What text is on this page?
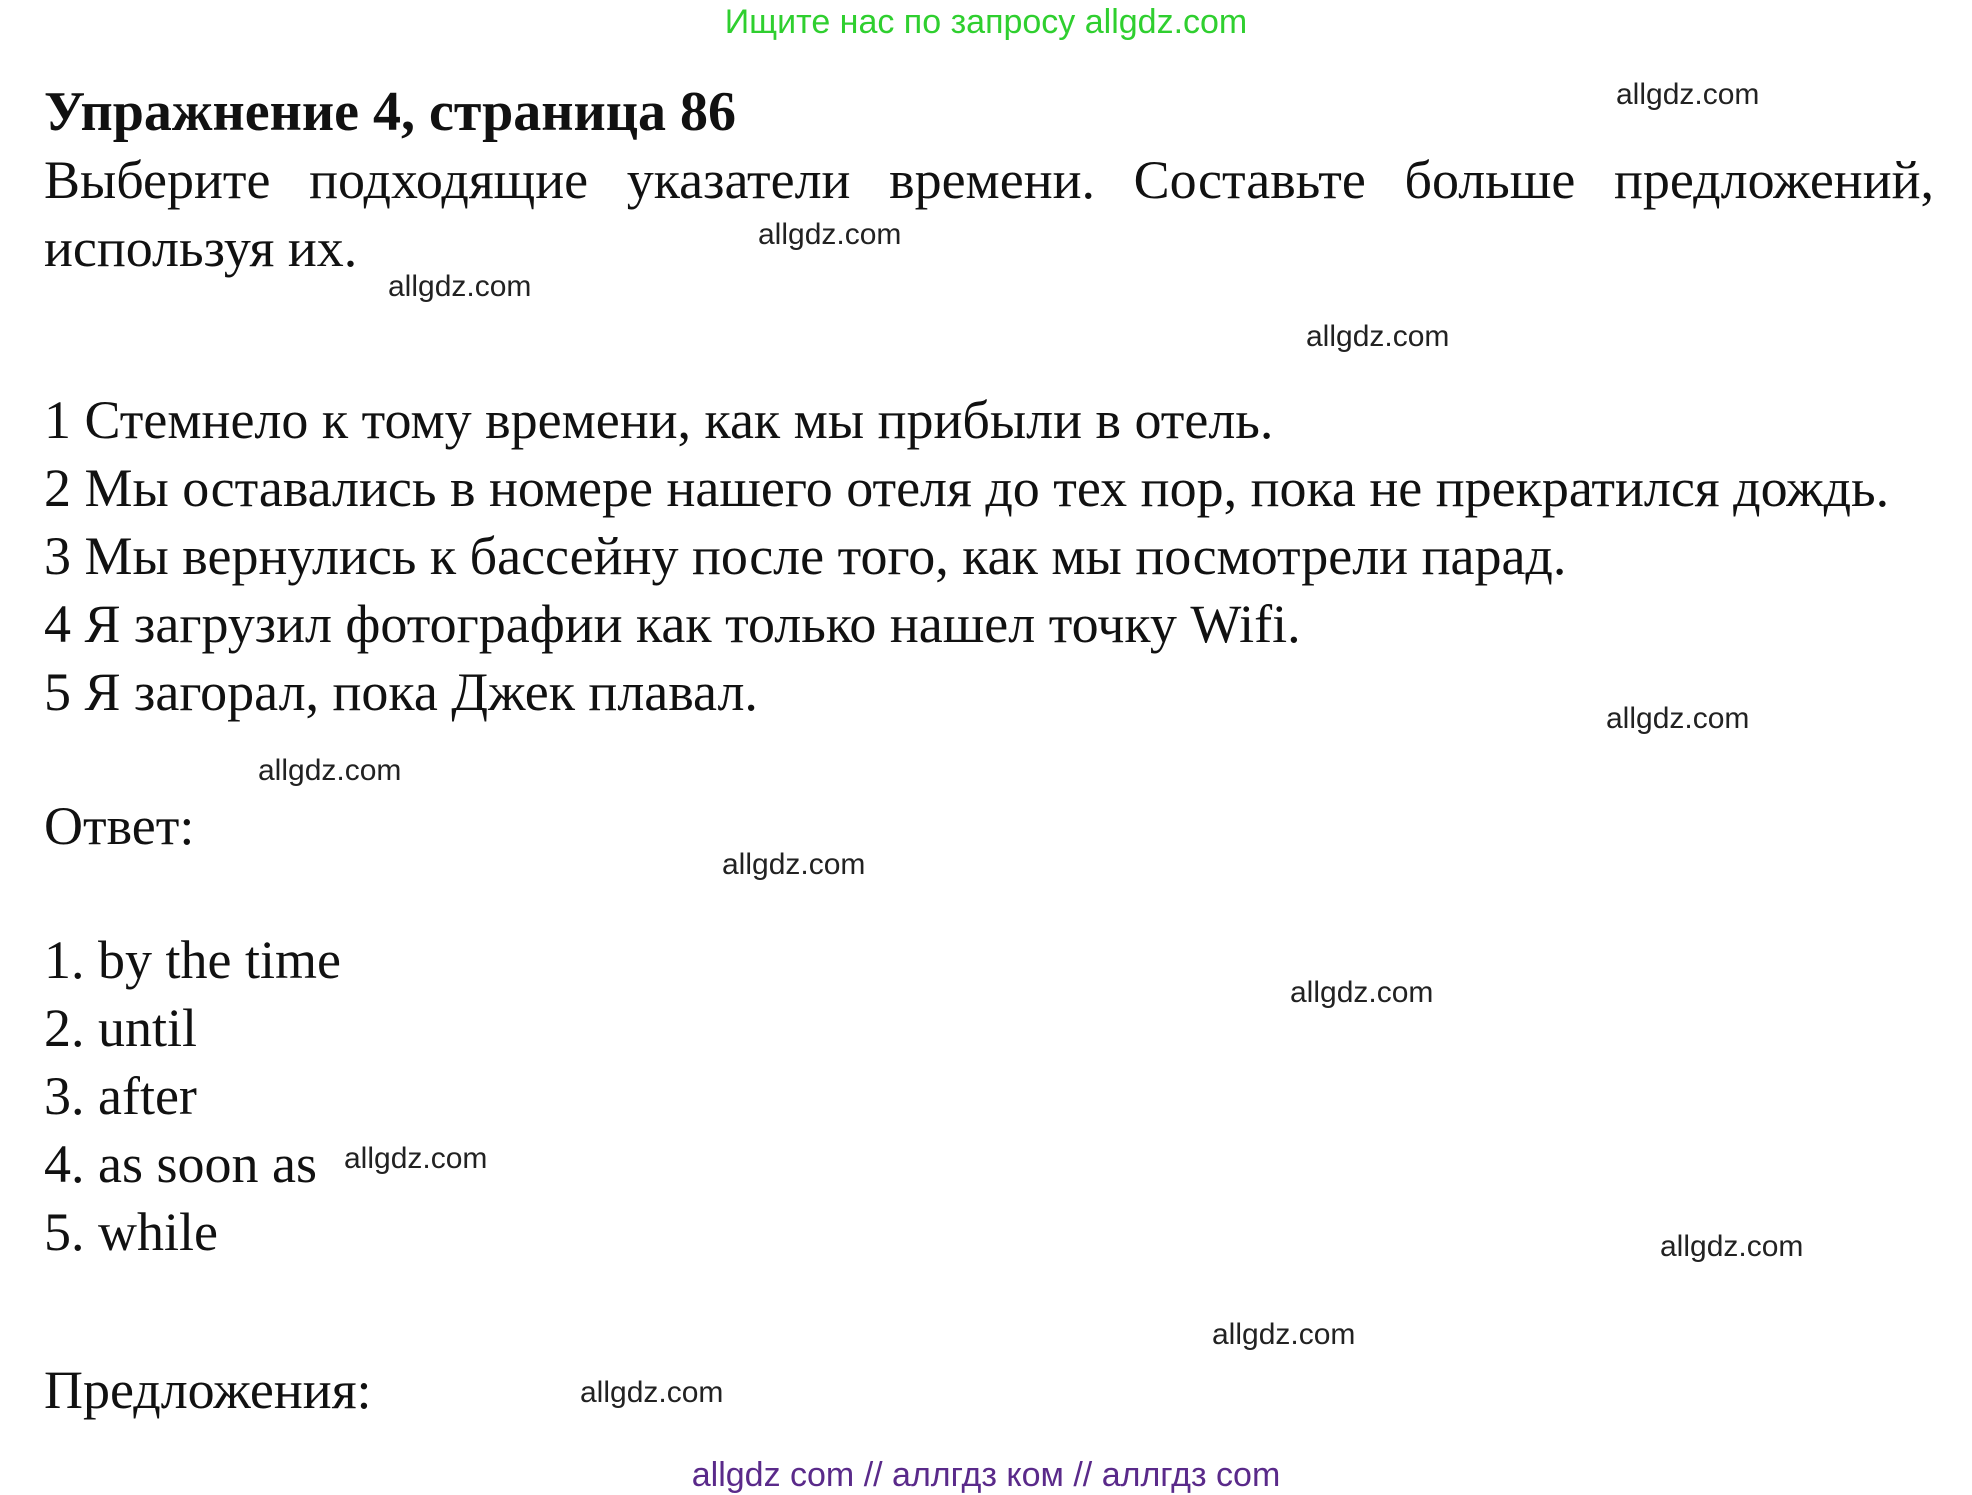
Ищите нас по запросу allgdz.com

Упражнение 4, страница 86

Выберите подходящие указатели времени. Составьте больше предложений, используя их.

1 Стемнело к тому времени, как мы прибыли в отель.

2 Мы оставались в номере нашего отеля до тех пор, пока не прекратился дождь.

3 Мы вернулись к бассейну после того, как мы посмотрели парад.

4 Я загрузил фотографии как только нашел точку Wifi.

5 Я загорал, пока Джек плавал.

Ответ:

1. by the time

2. until

3. after

4. as soon as

5. while

Предложения:

allgdz.com
allgdz.com
allgdz.com
allgdz.com
allgdz.com
allgdz.com
allgdz.com
allgdz.com
allgdz.com
allgdz.com
allgdz.com
allgdz.com
allgdz com // аллгдз ком // аллгдз com
